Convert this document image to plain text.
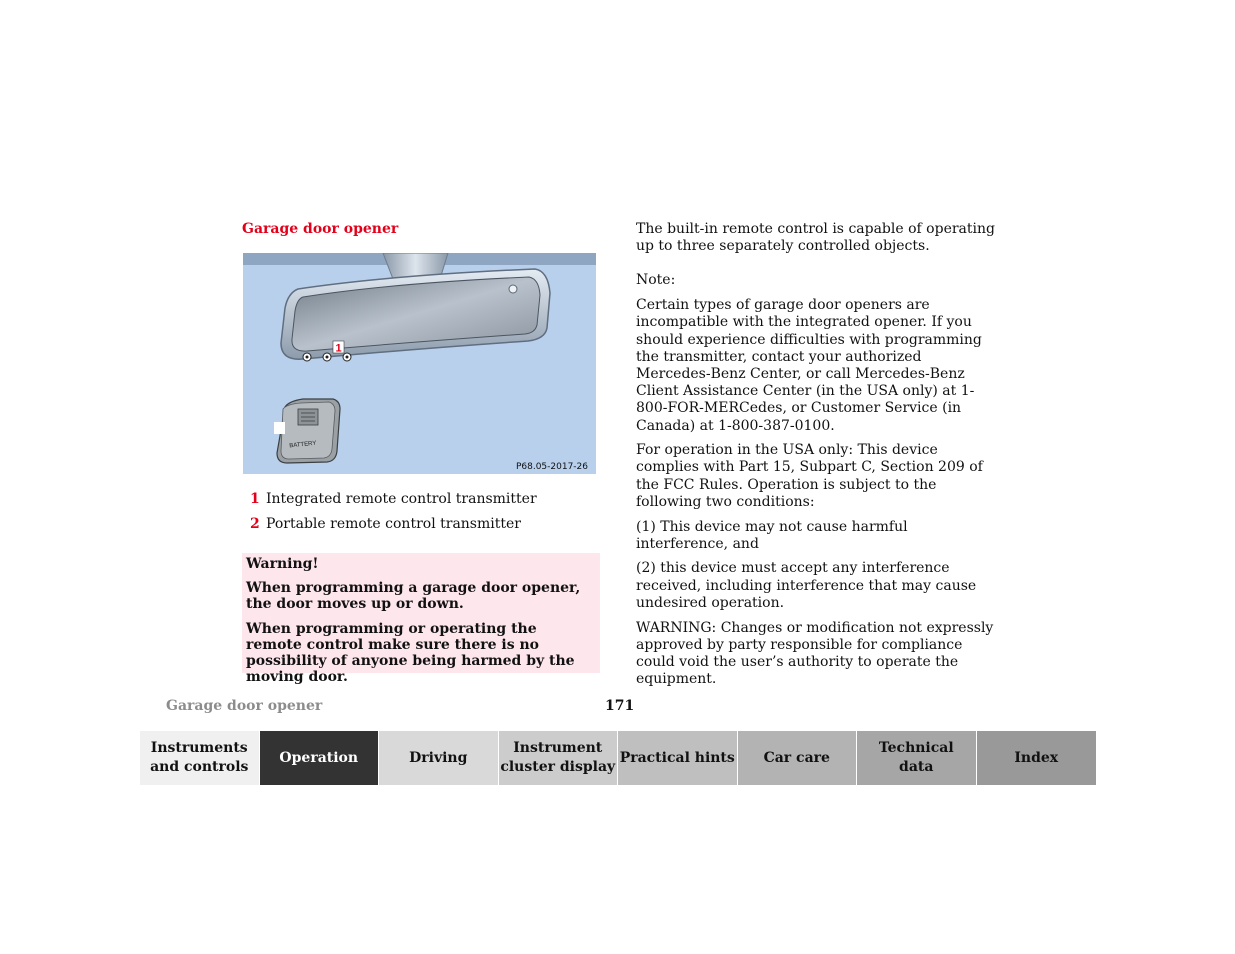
Garage door opener
1
BATTERY
P68.05-2017-26
1 Integrated remote control transmitter
2 Portable remote control transmitter

Warning!

When programming a garage door opener, the door moves up or down.

When programming or operating the remote control make sure there is no possibility of anyone being harmed by the moving door.

The built-in remote control is capable of operating up to three separately controlled objects.

Note:

Certain types of garage door openers are incompatible with the integrated opener. If you should experience difficulties with programming the transmitter, contact your authorized Mercedes-Benz Center, or call Mercedes-Benz Client Assistance Center (in the USA only) at 1-800-FOR-MERCedes, or Customer Service (in Canada) at 1-800-387-0100.

For operation in the USA only: This device complies with Part 15, Subpart C, Section 209 of the FCC Rules. Operation is subject to the following two conditions:

(1) This device may not cause harmful interference, and

(2) this device must accept any interference received, including interference that may cause undesired operation.

WARNING: Changes or modification not expressly approved by party responsible for compliance could void the user’s authority to operate the equipment.

Garage door opener	171
Instruments
and controls
Operation	Driving
Instrument
cluster display
Practical hints Car care
Technical
data
Index
